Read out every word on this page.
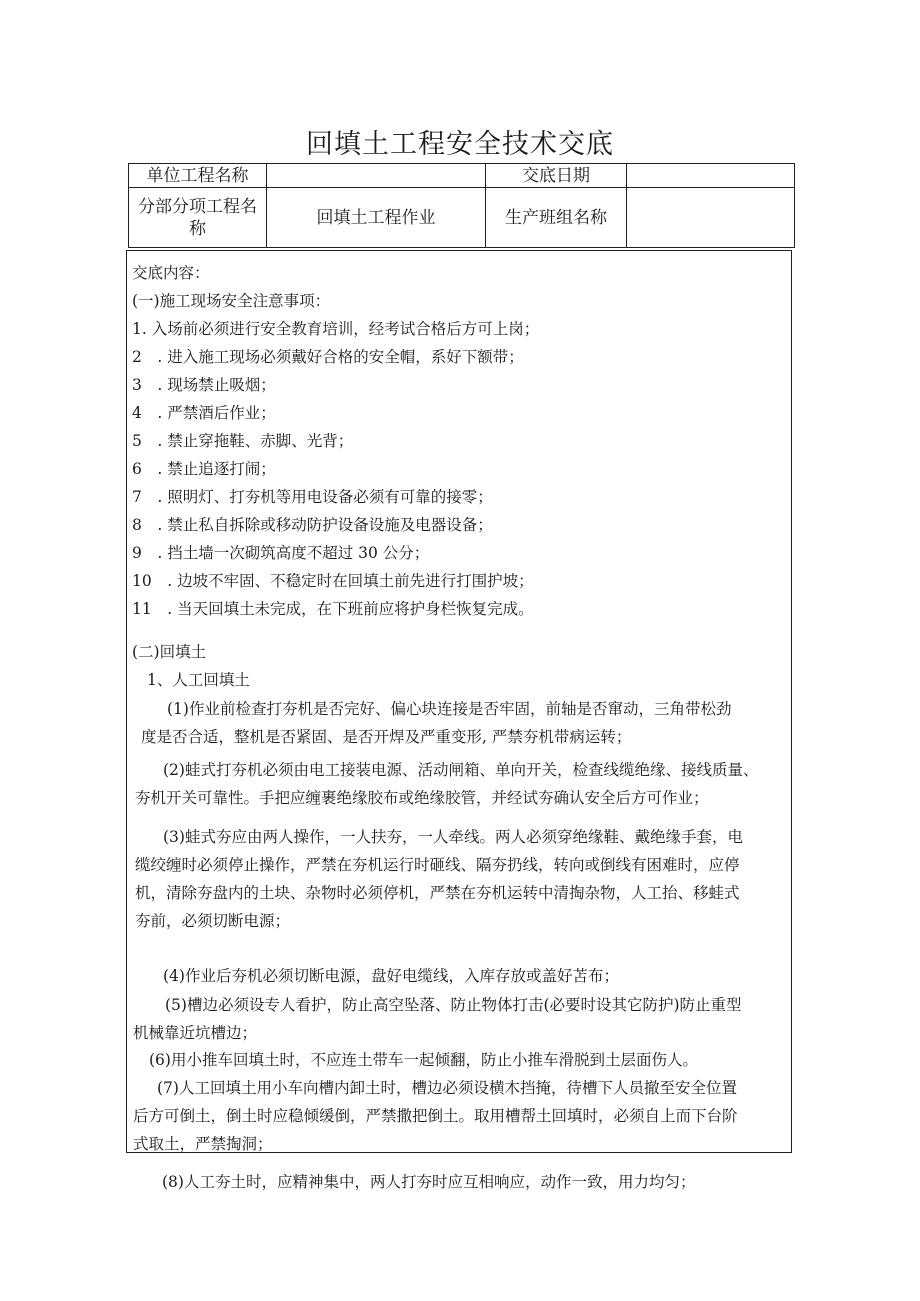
回填土工程安全技术交底
单位工程名称		交底日期	
分部分项工程名称	回填土工程作业	生产班组名称	
交底内容：
(一)施工现场安全注意事项：
1. 入场前必须进行安全教育培训，经考试合格后方可上岗；
2　. 进入施工现场必须戴好合格的安全帽，系好下额带；
3　. 现场禁止吸烟；
4　. 严禁酒后作业；
5　. 禁止穿拖鞋、赤脚、光背；
6　. 禁止追逐打闹；
7　. 照明灯、打夯机等用电设备必须有可靠的接零；
8　. 禁止私自拆除或移动防护设备设施及电器设备；
9　. 挡土墙一次砌筑高度不超过 30 公分；
10　. 边坡不牢固、不稳定时在回填土前先进行打围护坡；
11　. 当天回填土未完成，在下班前应将护身栏恢复完成。
(二)回填土
1、人工回填土
(1)作业前检查打夯机是否完好、偏心块连接是否牢固，前轴是否窜动，三角带松劲
度是否合适，整机是否紧固、是否开焊及严重变形, 严禁夯机带病运转；
(2)蛙式打夯机必须由电工接装电源、活动闸箱、单向开关，检查线缆绝缘、接线质量、
夯机开关可靠性。手把应缠裹绝缘胶布或绝缘胶管，并经试夯确认安全后方可作业；
(3)蛙式夯应由两人操作，一人扶夯，一人牵线。两人必须穿绝缘鞋、戴绝缘手套，电
缆绞缠时必须停止操作，严禁在夯机运行时砸线、隔夯扔线，转向或倒线有困难时，应停
机，清除夯盘内的土块、杂物时必须停机，严禁在夯机运转中清掏杂物，人工抬、移蛙式
夯前，必须切断电源；
(4)作业后夯机必须切断电源，盘好电缆线，入库存放或盖好苫布；
(5)槽边必须设专人看护，防止高空坠落、防止物体打击(必要时设其它防护)防止重型
机械靠近坑槽边；
(6)用小推车回填土时，不应连土带车一起倾翻，防止小推车滑脱到土层面伤人。
(7)人工回填土用小车向槽内卸土时，槽边必须设横木挡掩，待槽下人员撤至安全位置
后方可倒土，倒土时应稳倾缓倒，严禁撒把倒土。取用槽帮土回填时，必须自上而下台阶
式取土，严禁掏洞；
(8)人工夯土时，应精神集中，两人打夯时应互相响应，动作一致，用力均匀；
